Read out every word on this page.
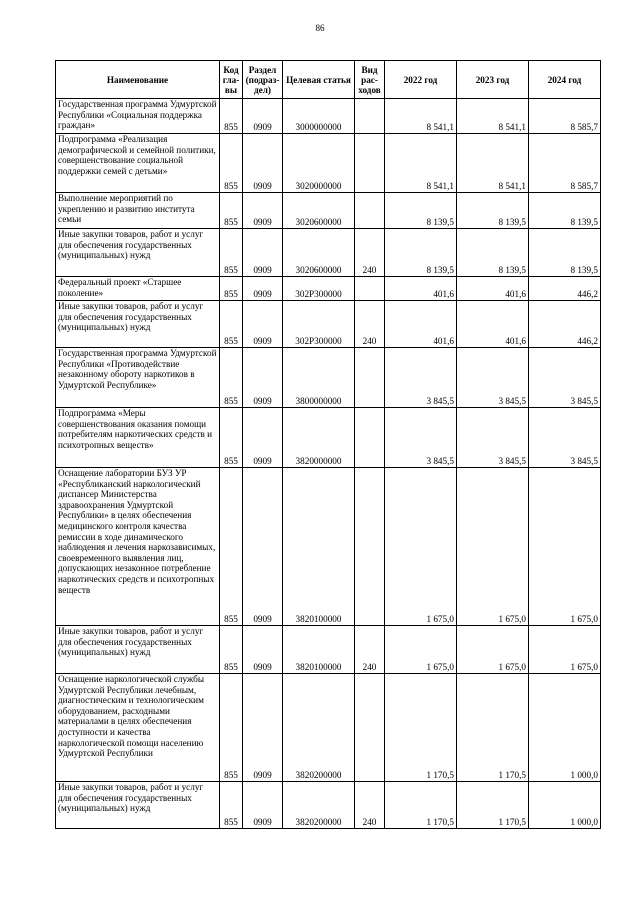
86
Наименование	Код гла-вы	Раздел (подраз-дел)	Целевая статья	Вид рас-ходов	2022 год	2023 год	2024 год
Государственная программа Удмуртской Республики «Социальная поддержка граждан»	855	0909	3000000000		8 541,1	8 541,1	8 585,7
Подпрограмма «Реализация демографической и семейной политики, совершенствование социальной поддержки семей с детьми»	855	0909	3020000000		8 541,1	8 541,1	8 585,7
Выполнение мероприятий по укреплению и развитию института семьи	855	0909	3020600000		8 139,5	8 139,5	8 139,5
Иные закупки товаров, работ и услуг для обеспечения государственных (муниципальных) нужд	855	0909	3020600000	240	8 139,5	8 139,5	8 139,5
Федеральный проект «Старшее поколение»	855	0909	302P300000		401,6	401,6	446,2
Иные закупки товаров, работ и услуг для обеспечения государственных (муниципальных) нужд	855	0909	302P300000	240	401,6	401,6	446,2
Государственная программа Удмуртской Республики «Противодействие незаконному обороту наркотиков в Удмуртской Республике»	855	0909	3800000000		3 845,5	3 845,5	3 845,5
Подпрограмма «Меры совершенствования оказания помощи потребителям наркотических средств и психотропных веществ»	855	0909	3820000000		3 845,5	3 845,5	3 845,5
Оснащение лаборатории БУЗ УР «Республиканский наркологический диспансер Министерства здравоохранения Удмуртской Республики» в целях обеспечения медицинского контроля качества ремиссии в ходе динамического наблюдения и лечения наркозависимых, своевременного выявления лиц, допускающих незаконное потребление наркотических средств и психотропных веществ	855	0909	3820100000		1 675,0	1 675,0	1 675,0
Иные закупки товаров, работ и услуг для обеспечения государственных (муниципальных) нужд	855	0909	3820100000	240	1 675,0	1 675,0	1 675,0
Оснащение наркологической службы Удмуртской Республики лечебным, диагностическим и технологическим оборудованием, расходными материалами в целях обеспечения доступности и качества наркологической помощи населению Удмуртской Республики	855	0909	3820200000		1 170,5	1 170,5	1 000,0
Иные закупки товаров, работ и услуг для обеспечения государственных (муниципальных) нужд	855	0909	3820200000	240	1 170,5	1 170,5	1 000,0
